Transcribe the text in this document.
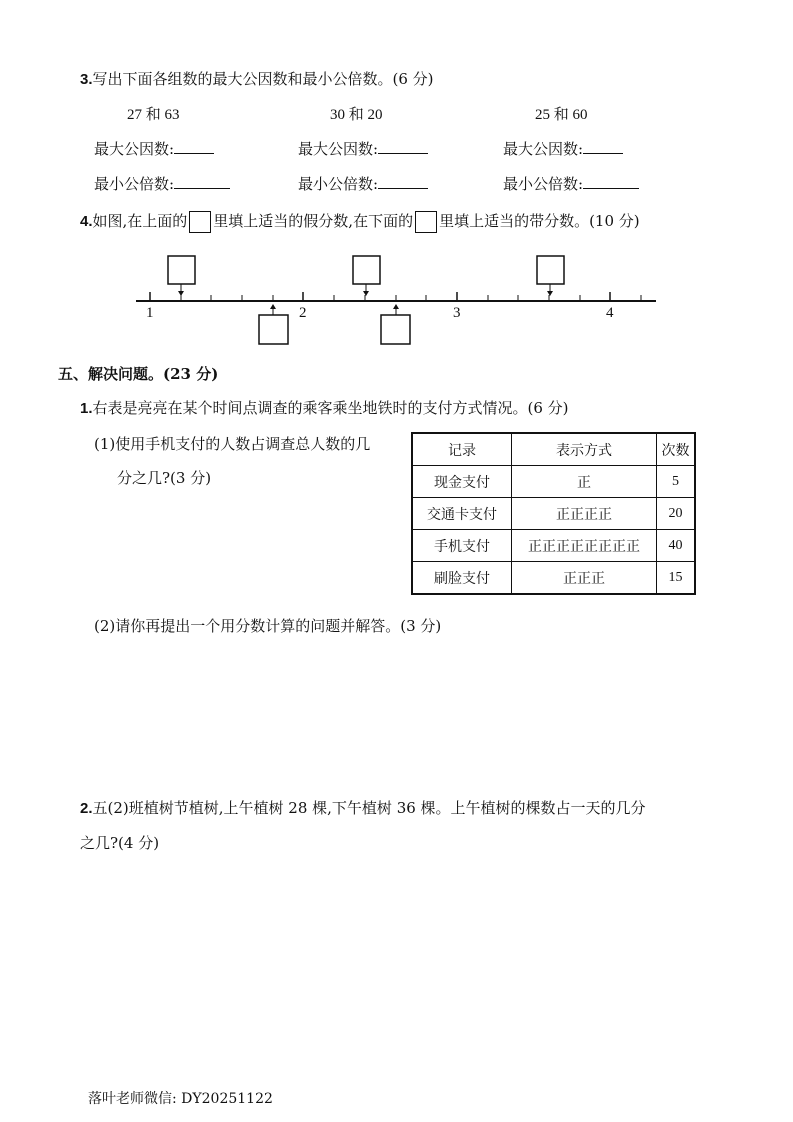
3.写出下面各组数的最大公因数和最小公倍数。(6 分)
27 和 63	30 和 20	25 和 60
最大公因数:	最大公因数:	最大公因数:
最小公倍数:	最小公倍数:	最小公倍数:
4.如图,在上面的 里填上适当的假分数,在下面的 里填上适当的带分数。(10 分)
1	2	3	4
五、解决问题。(23 分)
1.右表是亮亮在某个时间点调查的乘客乘坐地铁时的支付方式情况。(6 分)
(1)使用手机支付的人数占调查总人数的几
分之几?(3 分)
记录	表示方式	次数
现金支付	正	5
交通卡支付	正正正正	20
手机支付	正正正正正正正正	40
刷脸支付	正正正	15
(2)请你再提出一个用分数计算的问题并解答。(3 分)
2.五(2)班植树节植树,上午植树 28 棵,下午植树 36 棵。上午植树的棵数占一天的几分
之几?(4 分)
落叶老师微信: DY20251122
